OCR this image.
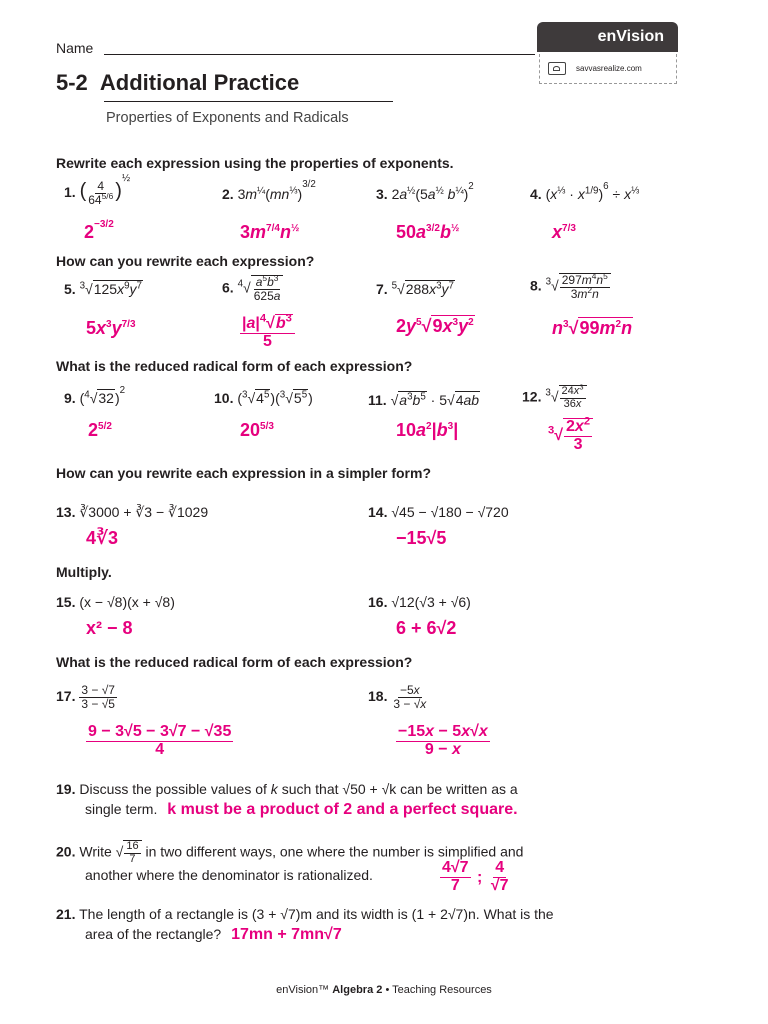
Name
enVision
savvasrealize.com
5-2 Additional Practice
Properties of Exponents and Radicals
Rewrite each expression using the properties of exponents.
1. ( $\frac{4}{64^{5/6}} )^{\frac{1}{2}}$
$2^{-3/2}$
2. $3m^{\frac{1}{4}}(mn^{\frac{1}{3}})^{3/2}$
$3m^{7/4}n^{\frac{1}{2}}$
3. $2a^{\frac{1}{2}}(5a^{\frac{1}{2}}$ $b^{\frac{1}{4}})^2$
$50a^{3/2}b^{\frac{1}{2}}$
4. $(x^{\frac{1}{3}} \cdot x^{1/9})^6 \div x^{\frac{1}{3}}$
$x^{7/3}$
How can you rewrite each expression?
5. $^3√125x^9y^7$
$5x^3y^{7/3}$
6. $^4√ \frac{a^5b^3}{625a}$
$\frac{|a|^4√b^3}{5}$
7. $^5√288x^3y^7$
$2y^5√9x^3y^2$
8. $^3√ \frac{297m^4n^5}{3m^2n}$
$n^3√99m^2n$
What is the reduced radical form of each expression?
9. $(^4√32)^2$
$2^{5/2}$
10. $(^3√4^5)(^3√5^5)$
$20^{5/3}$
11. $√a^3b^5 \cdot 5√4ab$
$10a^2|b^3|$
12. $^3√ \frac{24x^3}{36x}$
$^3√ \frac{2x^2}{3}$
How can you rewrite each expression in a simpler form?
13. ∛3000 + ∛3 − ∛1029
4∛3
14. √45 − √180 − √720
−15√5
Multiply.
15. (x − √8)(x + √8)
x² − 8
16. √12(√3 + √6)
6 + 6√2
What is the reduced radical form of each expression?
17. $\frac{3 - √7}{3 - √5}$
$\frac{9 - 3√5 - 3√7 - √35}{4}$
18. $\frac{-5x}{3 - √x}$
$\frac{-15x - 5x√x}{9 - x}$
19. Discuss the possible values of k such that √50 + √k can be written as a
single term. k must be a product of 2 and a perfect square.
20. Write √ $\frac{16}{7}$ in two different ways, one where the number is simplified and
another where the denominator is rationalized.	$\frac{4√7}{7}$ ; $\frac{4}{√7}$
21. The length of a rectangle is (3 + √7)m and its width is (1 + 2√7)n. What is the
area of the rectangle? 17mn + 7mn√7
enVision™ Algebra 2 • Teaching Resources
